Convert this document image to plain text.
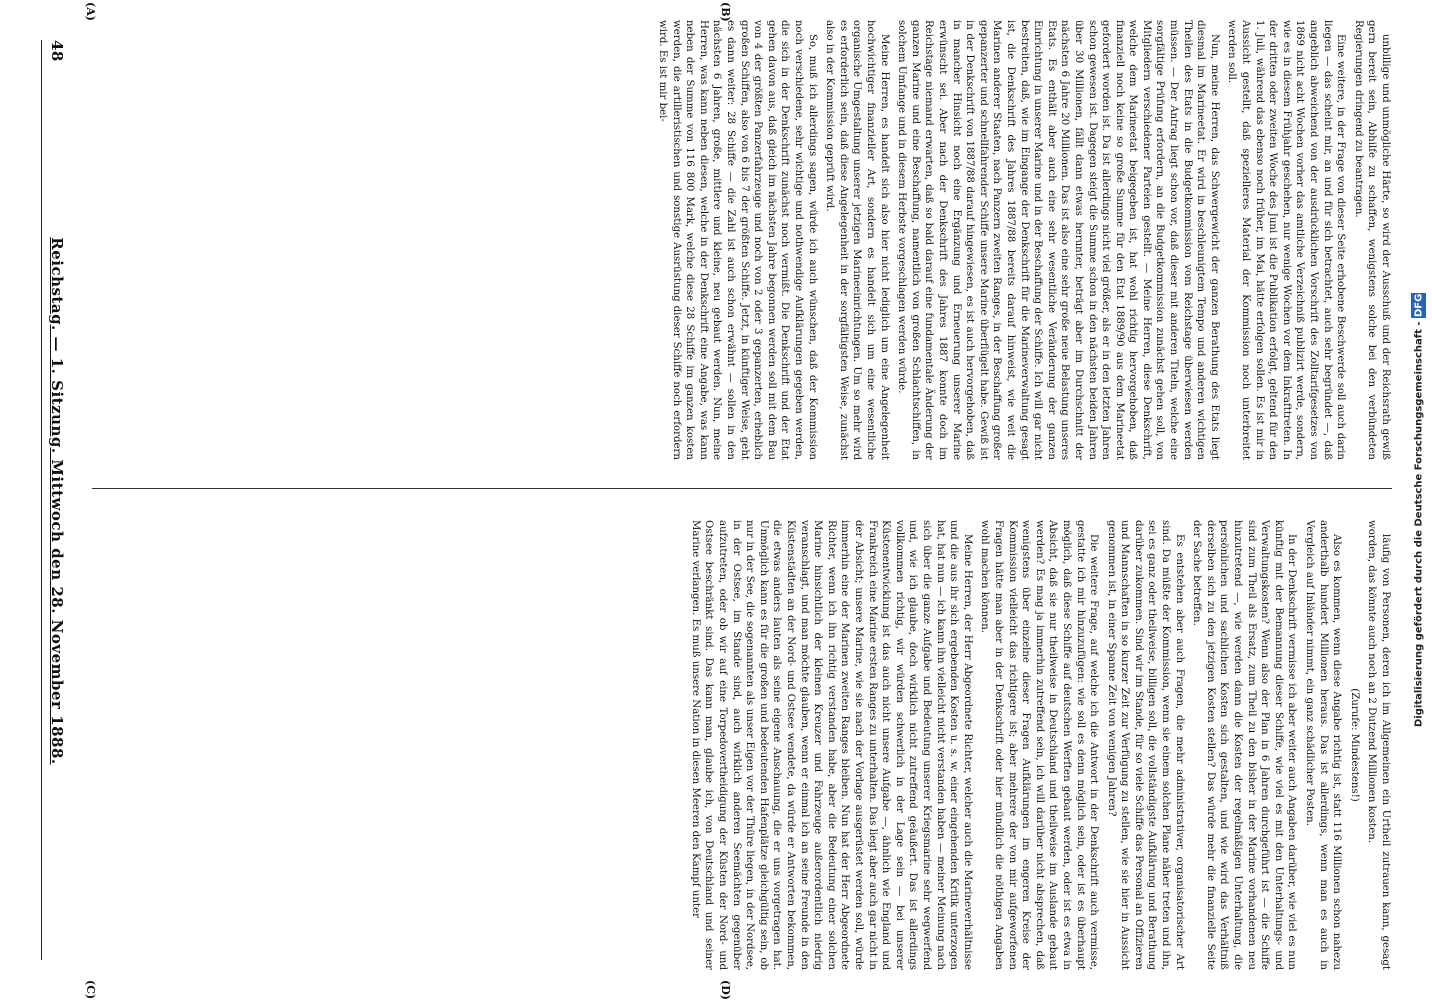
48
Reichstag. — 1. Sitzung. Mittwoch den 28. November 1888.
(A)	(B)
(C)	(D)

unbillige und unmögliche Härte, so wird der Ausschuß und der Reichsrath gewiß gern bereit sein, Abhilfe zu schaffen, wenigstens solche bei den verbündeten Regierungen dringend zu beantragen.

Eine weitere, in der Frage von dieser Seite erhobene Beschwerde soll auch darin liegen — das scheint mir, an und für sich betrachtet, auch sehr begründet —, daß angeblich abweichend von der ausdrücklichen Vorschrift des Zolltarifgesetzes von 1869 nicht acht Wochen vorher das amtliche Verzeichniß publizirt werde, sondern, wie es in diesem Frühjahr geschehen, nur wenige Wochen vor dem Inkrafttreten. In der dritten oder zweiten Woche des Juni ist die Publikation erfolgt, geltend für den 1. Juli, während das ebenso noch früher, im Mai, hätte erfolgen sollen. Es ist mir in Aussicht gestellt, daß spezielleres Material der Kommission noch unterbreitet werden soll.

Nun, meine Herren, das Schwergewicht der ganzen Berathung des Etats liegt diesmal im Marineetat. Er wird in beschleunigtem Tempo und anderen wichtigen Theilen des Etats in die Budgetkommission vom Reichstage überwiesen werden müssen. — Der Antrag liegt schon vor, daß dieser mit anderen Titeln, welche eine sorgfältige Prüfung erfordern, an die Budgetkommission zunächst gehen soll, von Mitgliedern verschiedener Parteien gestellt. — Meine Herren, diese Denkschrift, welche dem Marineetat beigegeben ist, hat wohl richtig hervorgehoben, daß finanziell noch keine so große Summe für den Etat 1889/90 aus dem Marineetat gefordert worden ist. Da ist allerdings nicht viel größer, als er in den letzten Jahren schon gewesen ist. Dagegen steigt die Summe schon in den nächsten beiden Jahren über 30 Millionen, fällt dann etwas herunter, beträgt aber im Durchschnitt der nächsten 6 Jahre 20 Millionen. Das ist also eine sehr große neue Belastung unseres Etats. Es enthält aber auch eine sehr wesentliche Veränderung der ganzen Einrichtung in unserer Marine und in der Beschaffung der Schiffe. Ich will gar nicht bestreiten, daß, wie im Eingange der Denkschrift für die Marineverwaltung gesagt ist, die Denkschrift des Jahres 1887/88 bereits darauf hinweist, wie weit die Marinen anderer Staaten, nach Panzern zweiten Ranges, in der Beschaffung großer gepanzerter und schnellfahrender Schiffe unsere Marine überflügelt habe. Gewiß ist in der Denkschrift von 1887/88 darauf hingewiesen, es ist auch hervorgehoben, daß in mancher Hinsicht noch eine Ergänzung und Erneuerung unserer Marine erwünscht sei. Aber nach der Denkschrift des Jahres 1887 konnte doch im Reichstage niemand erwarten, daß so bald darauf eine fundamentale Änderung der ganzen Marine und eine Beschaffung, namentlich von großen Schlachtschiffen, in solchem Umfange und in diesem Herbste vorgeschlagen werden würde.

Meine Herren, es handelt sich also hier nicht lediglich um eine Angelegenheit hochwichtiger finanzieller Art, sondern es handelt sich um eine wesentliche organische Umgestaltung unserer jetzigen Marineeinrichtungen. Um so mehr wird es erforderlich sein, daß diese Angelegenheit in der sorgfältigsten Weise, zunächst also in der Kommission geprüft wird.

So, muß ich allerdings sagen, würde ich auch wünschen, daß der Kommission noch verschiedene, sehr wichtige und nothwendige Aufklärungen gegeben werden, die sich in der Denkschrift zunächst noch vermißt. Die Denkschrift und der Etat gehen davon aus, daß gleich im nächsten Jahre begonnen werden soll mit dem Bau von 4 der größten Panzerfahrzeuge und noch von 2 oder 3 gepanzerten, erheblich großen Schiffen, also von 6 bis 7 der größten Schiffe. Jetzt, in künftiger Weise, geht es dann weiter: 28 Schiffe — die Zahl ist auch schon erwähnt — sollen in den nächsten 6 Jahren, große, mittlere und kleine, neu gebaut werden. Nun, meine Herren, was kann neben diesen, welche in der Denkschrift eine Angabe, was kann neben der Summe von 116 800 Mark, welche diese 28 Schiffe im ganzen kosten werden, die artilleristischen und sonstige Ausrüstung dieser Schiffe noch erfordern wird. Es ist mir bei-

läufig von Personen, deren ich im Allgemeinen ein Urtheil zutrauen kann, gesagt worden, das könnte auch noch an 2 Dutzend Millionen kosten.

(Zurufe: Mindestens!)

Also es kommen, wenn diese Angabe richtig ist, statt 116 Millionen schon nahezu anderthalb hundert Millionen heraus. Das ist allerdings, wenn man es auch in Vergleich auf Inländer nimmt, ein ganz schädlicher Posten.

In der Denkschrift vermisse ich aber weiter auch Angaben darüber, wie viel es nun künftig mit der Bemannung dieser Schiffe, wie viel es mit den Unterhaltungs- und Verwaltungskosten? Wenn also der Plan in 6 Jahren durchgeführt ist — die Schiffe sind zum Theil als Ersatz, zum Theil zu den bisher in der Marine vorhandenen neu hinzutretend —, wie werden dann die Kosten der regelmäßigen Unterhaltung, die persönlichen und sachlichen Kosten sich gestalten, und wie wird das Verhältniß derselben sich zu den jetzigen Kosten stellen? Das würde mehr die finanzielle Seite der Sache betreffen.

Es entstehen aber auch Fragen, die mehr administrativer, organisatorischer Art sind. Da müßte der Kommission, wenn sie einem solchen Plane näher treten und ihn, sei es ganz oder theilweise, billigen soll, die vollständigste Aufklärung und Berathung darüber zukommen. Sind wir im Stande, für so viele Schiffe das Personal an Offizieren und Mannschaften in so kurzer Zeit zur Verfügung zu stellen, wie sie hier in Aussicht genommen ist, in einer Spanne Zeit von wenigen Jahren?

Die weitere Frage, auf welche ich die Antwort in der Denkschrift auch vermisse, gestatte ich mir hinzuzufügen: wie soll es denn möglich sein, oder ist es überhaupt möglich, daß diese Schiffe auf deutschen Werften gebaut werden, oder ist es etwa in Absicht, daß sie nur theilweise in Deutschland und theilweise im Auslande gebaut werden? Es mag ja immerhin zutreffend sein, ich will darüber nicht absprechen, daß wenigstens über einzelne dieser Fragen Aufklärungen im engeren Kreise der Kommission vielleicht das richtigere ist; aber mehrere der von mir aufgeworfenen Fragen hätte man aber in der Denkschrift oder hier mündlich die nöthigen Angaben wohl machen können.

Meine Herren, der Herr Abgeordnete Richter, welcher auch die Marineverhältnisse und die aus ihr sich ergebenden Kosten u. s. w. einer eingehenden Kritik unterzogen hat, hat nun — ich kann ihn vielleicht nicht verstanden haben — meiner Meinung nach sich über die ganze Aufgabe und Bedeutung unserer Kriegsmarine sehr wegwerfend und, wie ich glaube, doch wirklich nicht zutreffend geäußert. Das ist allerdings vollkommen richtig, wir würden schwerlich in der Lage sein — bei unserer Küstenentwicklung ist das auch nicht unsere Aufgabe —, ähnlich wie England und Frankreich eine Marine ersten Ranges zu unterhalten. Das liegt aber auch gar nicht in der Absicht; unsere Marine, wie sie nach der Vorlage ausgerüstet werden soll, würde immerhin eine der Marinen zweiten Ranges bleiben. Nun hat der Herr Abgeordnete Richter, wenn ich ihn richtig verstanden habe, aber die Bedeutung einer solchen Marine hinsichtlich der kleinen Kreuzer und Fahrzeuge außerordentlich niedrig veranschlagt, und man möchte glauben, wenn er einmal ich an seine Freunde in den Küstenstädten an der Nord- und Ostsee wendete, da würde er Antworten bekommen, die etwas anders lauten als seine eigene Anschauung, die er uns vorgetragen hat. Unmöglich kann es für die großen und bedeutenden Hafenplätze gleichgültig sein, ob nur in der See, die sogenannten als unser Eigen vor der Thüre liegen, in der Nordsee, in der Ostsee, im Stande sind, auch wirklich anderen Seemächten gegenüber aufzutreten, oder ob wir auf eine Torpedovertheidigung der Küsten der Nord- und Ostsee beschränkt sind. Das kann man, glaube ich, von Deutschland und seiner Marine verlangen. Es muß unsere Nation in diesen Meeren den Kampf unter	Digitalisierung gefördert durch die Deutsche Forschungsgemeinschaft -
DFG
